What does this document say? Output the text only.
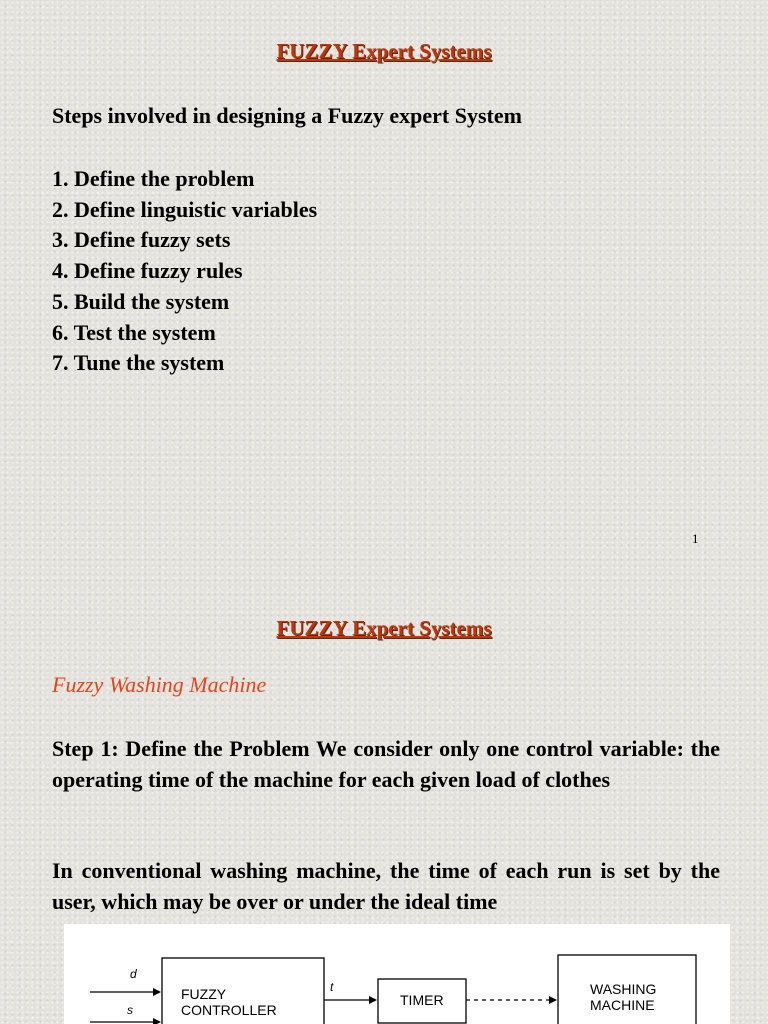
FUZZY Expert Systems

Steps involved in designing a Fuzzy expert System

1. Define the problem
2. Define linguistic variables
3. Define fuzzy sets
4. Define fuzzy rules
5. Build the system
6. Test the system
7. Tune the system
1
FUZZY Expert Systems
Fuzzy Washing Machine

Step 1: Define the Problem We consider only one control variable: the operating time of the machine for each given load of clothes

In conventional washing machine, the time of each run is set by the user, which may be over or under the ideal time

d
s
FUZZY
CONTROLLER
t
TIMER
WASHING
MACHINE
